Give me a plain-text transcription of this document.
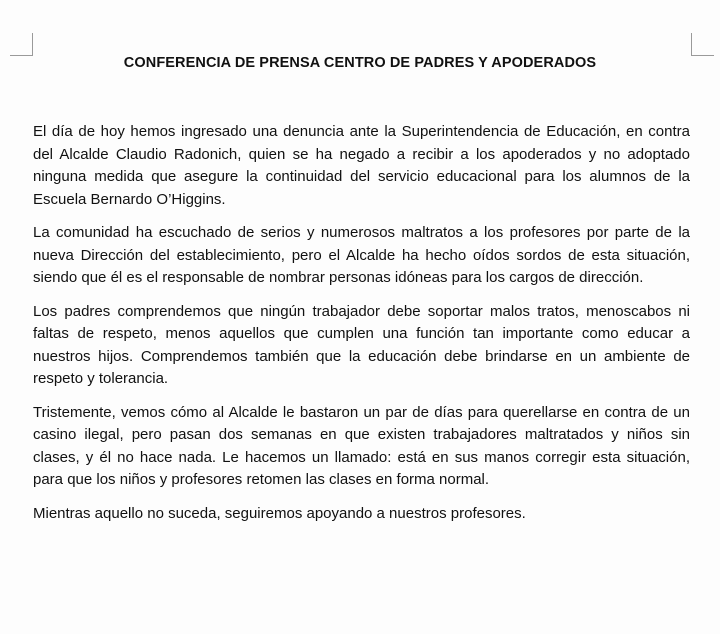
CONFERENCIA DE PRENSA CENTRO DE PADRES Y APODERADOS

El día de hoy hemos ingresado una denuncia ante la Superintendencia de Educación, en contra del Alcalde Claudio Radonich, quien se ha negado a recibir a los apoderados y no adoptado ninguna medida que asegure la continuidad del servicio educacional para los alumnos de la Escuela Bernardo O’Higgins.

La comunidad ha escuchado de serios y numerosos maltratos a los profesores por parte de la nueva Dirección del establecimiento, pero el Alcalde ha hecho oídos sordos de esta situación, siendo que él es el responsable de nombrar personas idóneas para los cargos de dirección.

Los padres comprendemos que ningún trabajador debe soportar malos tratos, menoscabos ni faltas de respeto, menos aquellos que cumplen una función tan importante como educar a nuestros hijos. Comprendemos también que la educación debe brindarse en un ambiente de respeto y tolerancia.

Tristemente, vemos cómo al Alcalde le bastaron un par de días para querellarse en contra de un casino ilegal, pero pasan dos semanas en que existen trabajadores maltratados y niños sin clases, y él no hace nada. Le hacemos un llamado: está en sus manos corregir esta situación, para que los niños y profesores retomen las clases en forma normal.

Mientras aquello no suceda, seguiremos apoyando a nuestros profesores.
